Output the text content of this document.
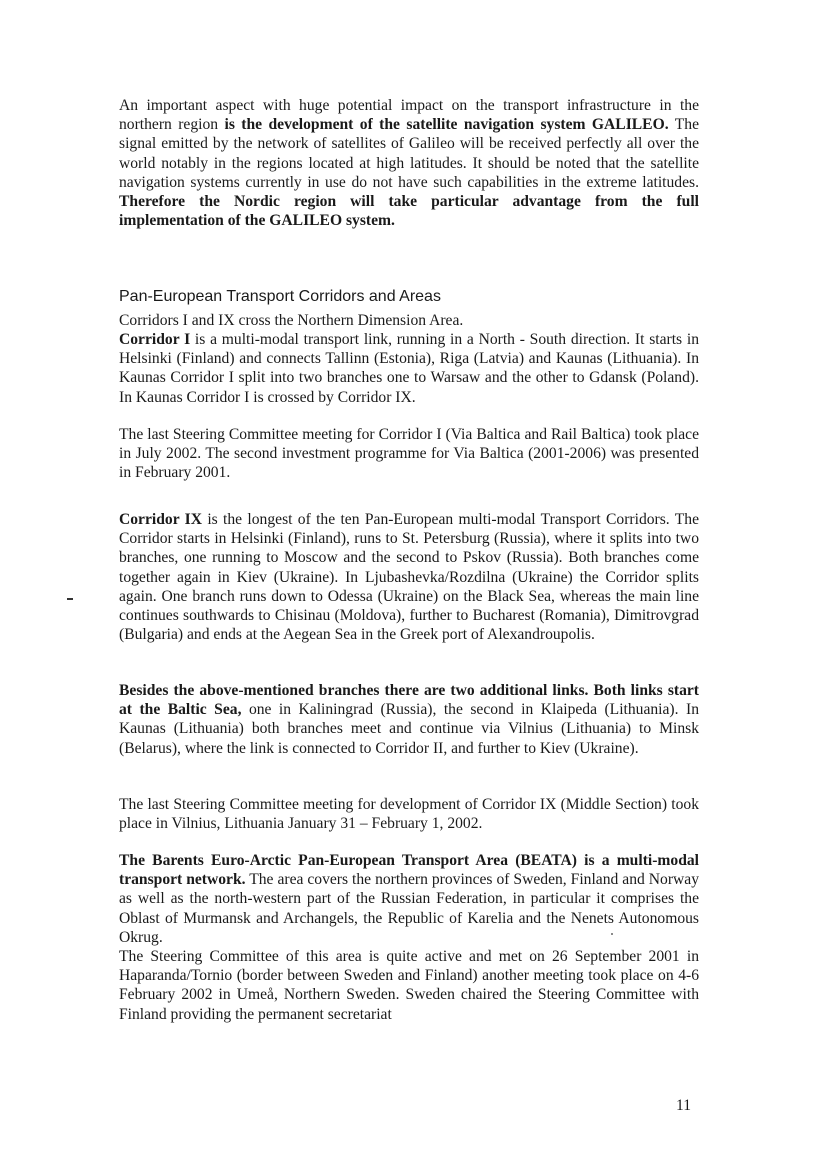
An important aspect with huge potential impact on the transport infrastructure in the northern region is the development of the satellite navigation system GALILEO. The signal emitted by the network of satellites of Galileo will be received perfectly all over the world notably in the regions located at high latitudes. It should be noted that the satellite navigation systems currently in use do not have such capabilities in the extreme latitudes. Therefore the Nordic region will take particular advantage from the full implementation of the GALILEO system.

Pan-European Transport Corridors and Areas

Corridors I and IX cross the Northern Dimension Area.

Corridor I is a multi-modal transport link, running in a North - South direction. It starts in Helsinki (Finland) and connects Tallinn (Estonia), Riga (Latvia) and Kaunas (Lithuania). In Kaunas Corridor I split into two branches one to Warsaw and the other to Gdansk (Poland). In Kaunas Corridor I is crossed by Corridor IX.

The last Steering Committee meeting for Corridor I (Via Baltica and Rail Baltica) took place in July 2002. The second investment programme for Via Baltica (2001-2006) was presented in February 2001.

Corridor IX is the longest of the ten Pan-European multi-modal Transport Corridors. The Corridor starts in Helsinki (Finland), runs to St. Petersburg (Russia), where it splits into two branches, one running to Moscow and the second to Pskov (Russia). Both branches come together again in Kiev (Ukraine). In Ljubashevka/Rozdilna (Ukraine) the Corridor splits again. One branch runs down to Odessa (Ukraine) on the Black Sea, whereas the main line continues southwards to Chisinau (Moldova), further to Bucharest (Romania), Dimitrovgrad (Bulgaria) and ends at the Aegean Sea in the Greek port of Alexandroupolis.

Besides the above-mentioned branches there are two additional links. Both links start at the Baltic Sea, one in Kaliningrad (Russia), the second in Klaipeda (Lithuania). In Kaunas (Lithuania) both branches meet and continue via Vilnius (Lithuania) to Minsk (Belarus), where the link is connected to Corridor II, and further to Kiev (Ukraine).

The last Steering Committee meeting for development of Corridor IX (Middle Section) took place in Vilnius, Lithuania January 31 – February 1, 2002.

The Barents Euro-Arctic Pan-European Transport Area (BEATA) is a multi-modal transport network. The area covers the northern provinces of Sweden, Finland and Norway as well as the north-western part of the Russian Federation, in particular it comprises the Oblast of Murmansk and Archangels, the Republic of Karelia and the Nenets Autonomous Okrug.

The Steering Committee of this area is quite active and met on 26 September 2001 in Haparanda/Tornio (border between Sweden and Finland) another meeting took place on 4-6 February 2002 in Umeå, Northern Sweden. Sweden chaired the Steering Committee with Finland providing the permanent secretariat

11
